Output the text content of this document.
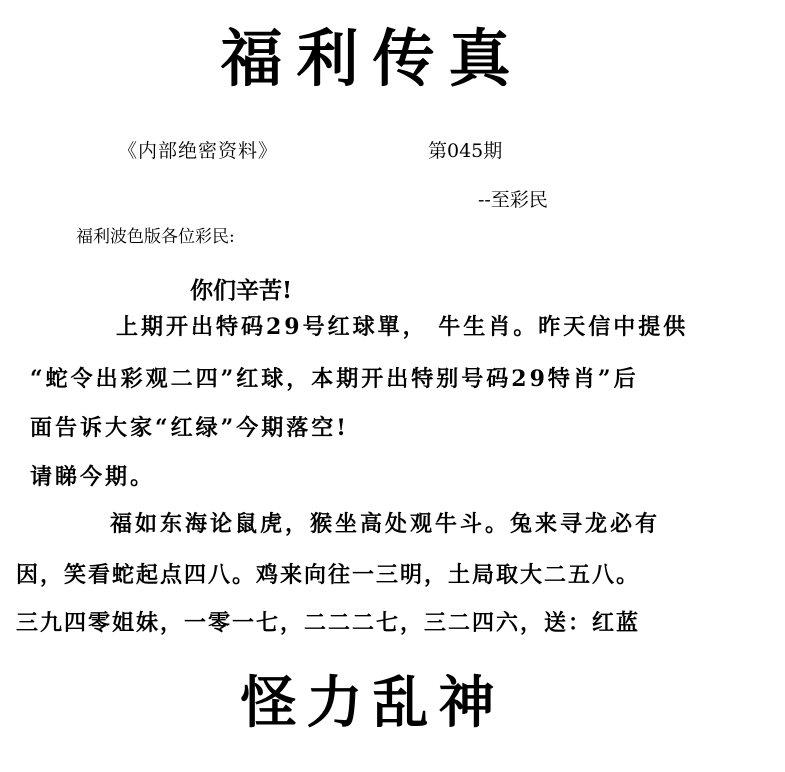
福利传真
《内部绝密资料》	第045期
--至彩民
福利波色版各位彩民:
你们辛苦!
上期开出特码29号红球單， 牛生肖。昨天信中提供
“蛇令出彩观二四”红球，本期开出特别号码29特肖”后
面告诉大家“红绿”今期落空!
请睇今期。
福如东海论鼠虎，猴坐高处观牛斗。兔来寻龙必有
因，笑看蛇起点四八。鸡来向往一三明，土局取大二五八。
三九四零姐妹，一零一七，二二二七，三二四六，送：红蓝
怪力乱神
